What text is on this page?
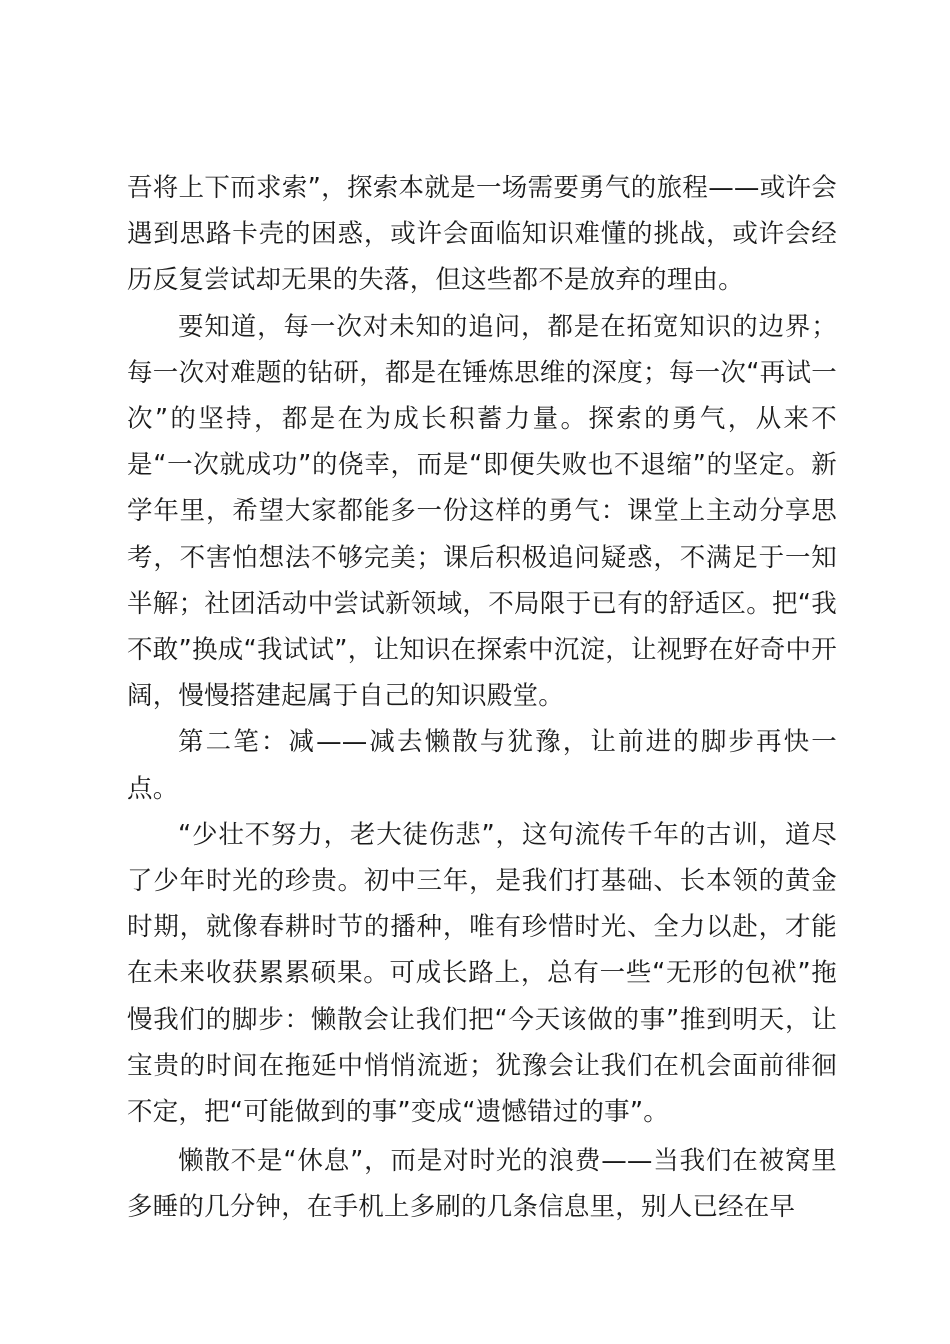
吾将上下而求索”，探索本就是一场需要勇气的旅程——或许会遇到思路卡壳的困惑，或许会面临知识难懂的挑战，或许会经历反复尝试却无果的失落，但这些都不是放弃的理由。

要知道，每一次对未知的追问，都是在拓宽知识的边界；每一次对难题的钻研，都是在锤炼思维的深度；每一次“再试一次”的坚持，都是在为成长积蓄力量。探索的勇气，从来不是“一次就成功”的侥幸，而是“即便失败也不退缩”的坚定。新学年里，希望大家都能多一份这样的勇气：课堂上主动分享思考，不害怕想法不够完美；课后积极追问疑惑，不满足于一知半解；社团活动中尝试新领域，不局限于已有的舒适区。把“我不敢”换成“我试试”，让知识在探索中沉淀，让视野在好奇中开阔，慢慢搭建起属于自己的知识殿堂。

第二笔：减——减去懒散与犹豫，让前进的脚步再快一点。

“少壮不努力，老大徒伤悲”，这句流传千年的古训，道尽了少年时光的珍贵。初中三年，是我们打基础、长本领的黄金时期，就像春耕时节的播种，唯有珍惜时光、全力以赴，才能在未来收获累累硕果。可成长路上，总有一些“无形的包袱”拖慢我们的脚步：懒散会让我们把“今天该做的事”推到明天，让宝贵的时间在拖延中悄悄流逝；犹豫会让我们在机会面前徘徊不定，把“可能做到的事”变成“遗憾错过的事”。

懒散不是“休息”，而是对时光的浪费——当我们在被窝里多睡的几分钟，在手机上多刷的几条信息里，别人已经在早
